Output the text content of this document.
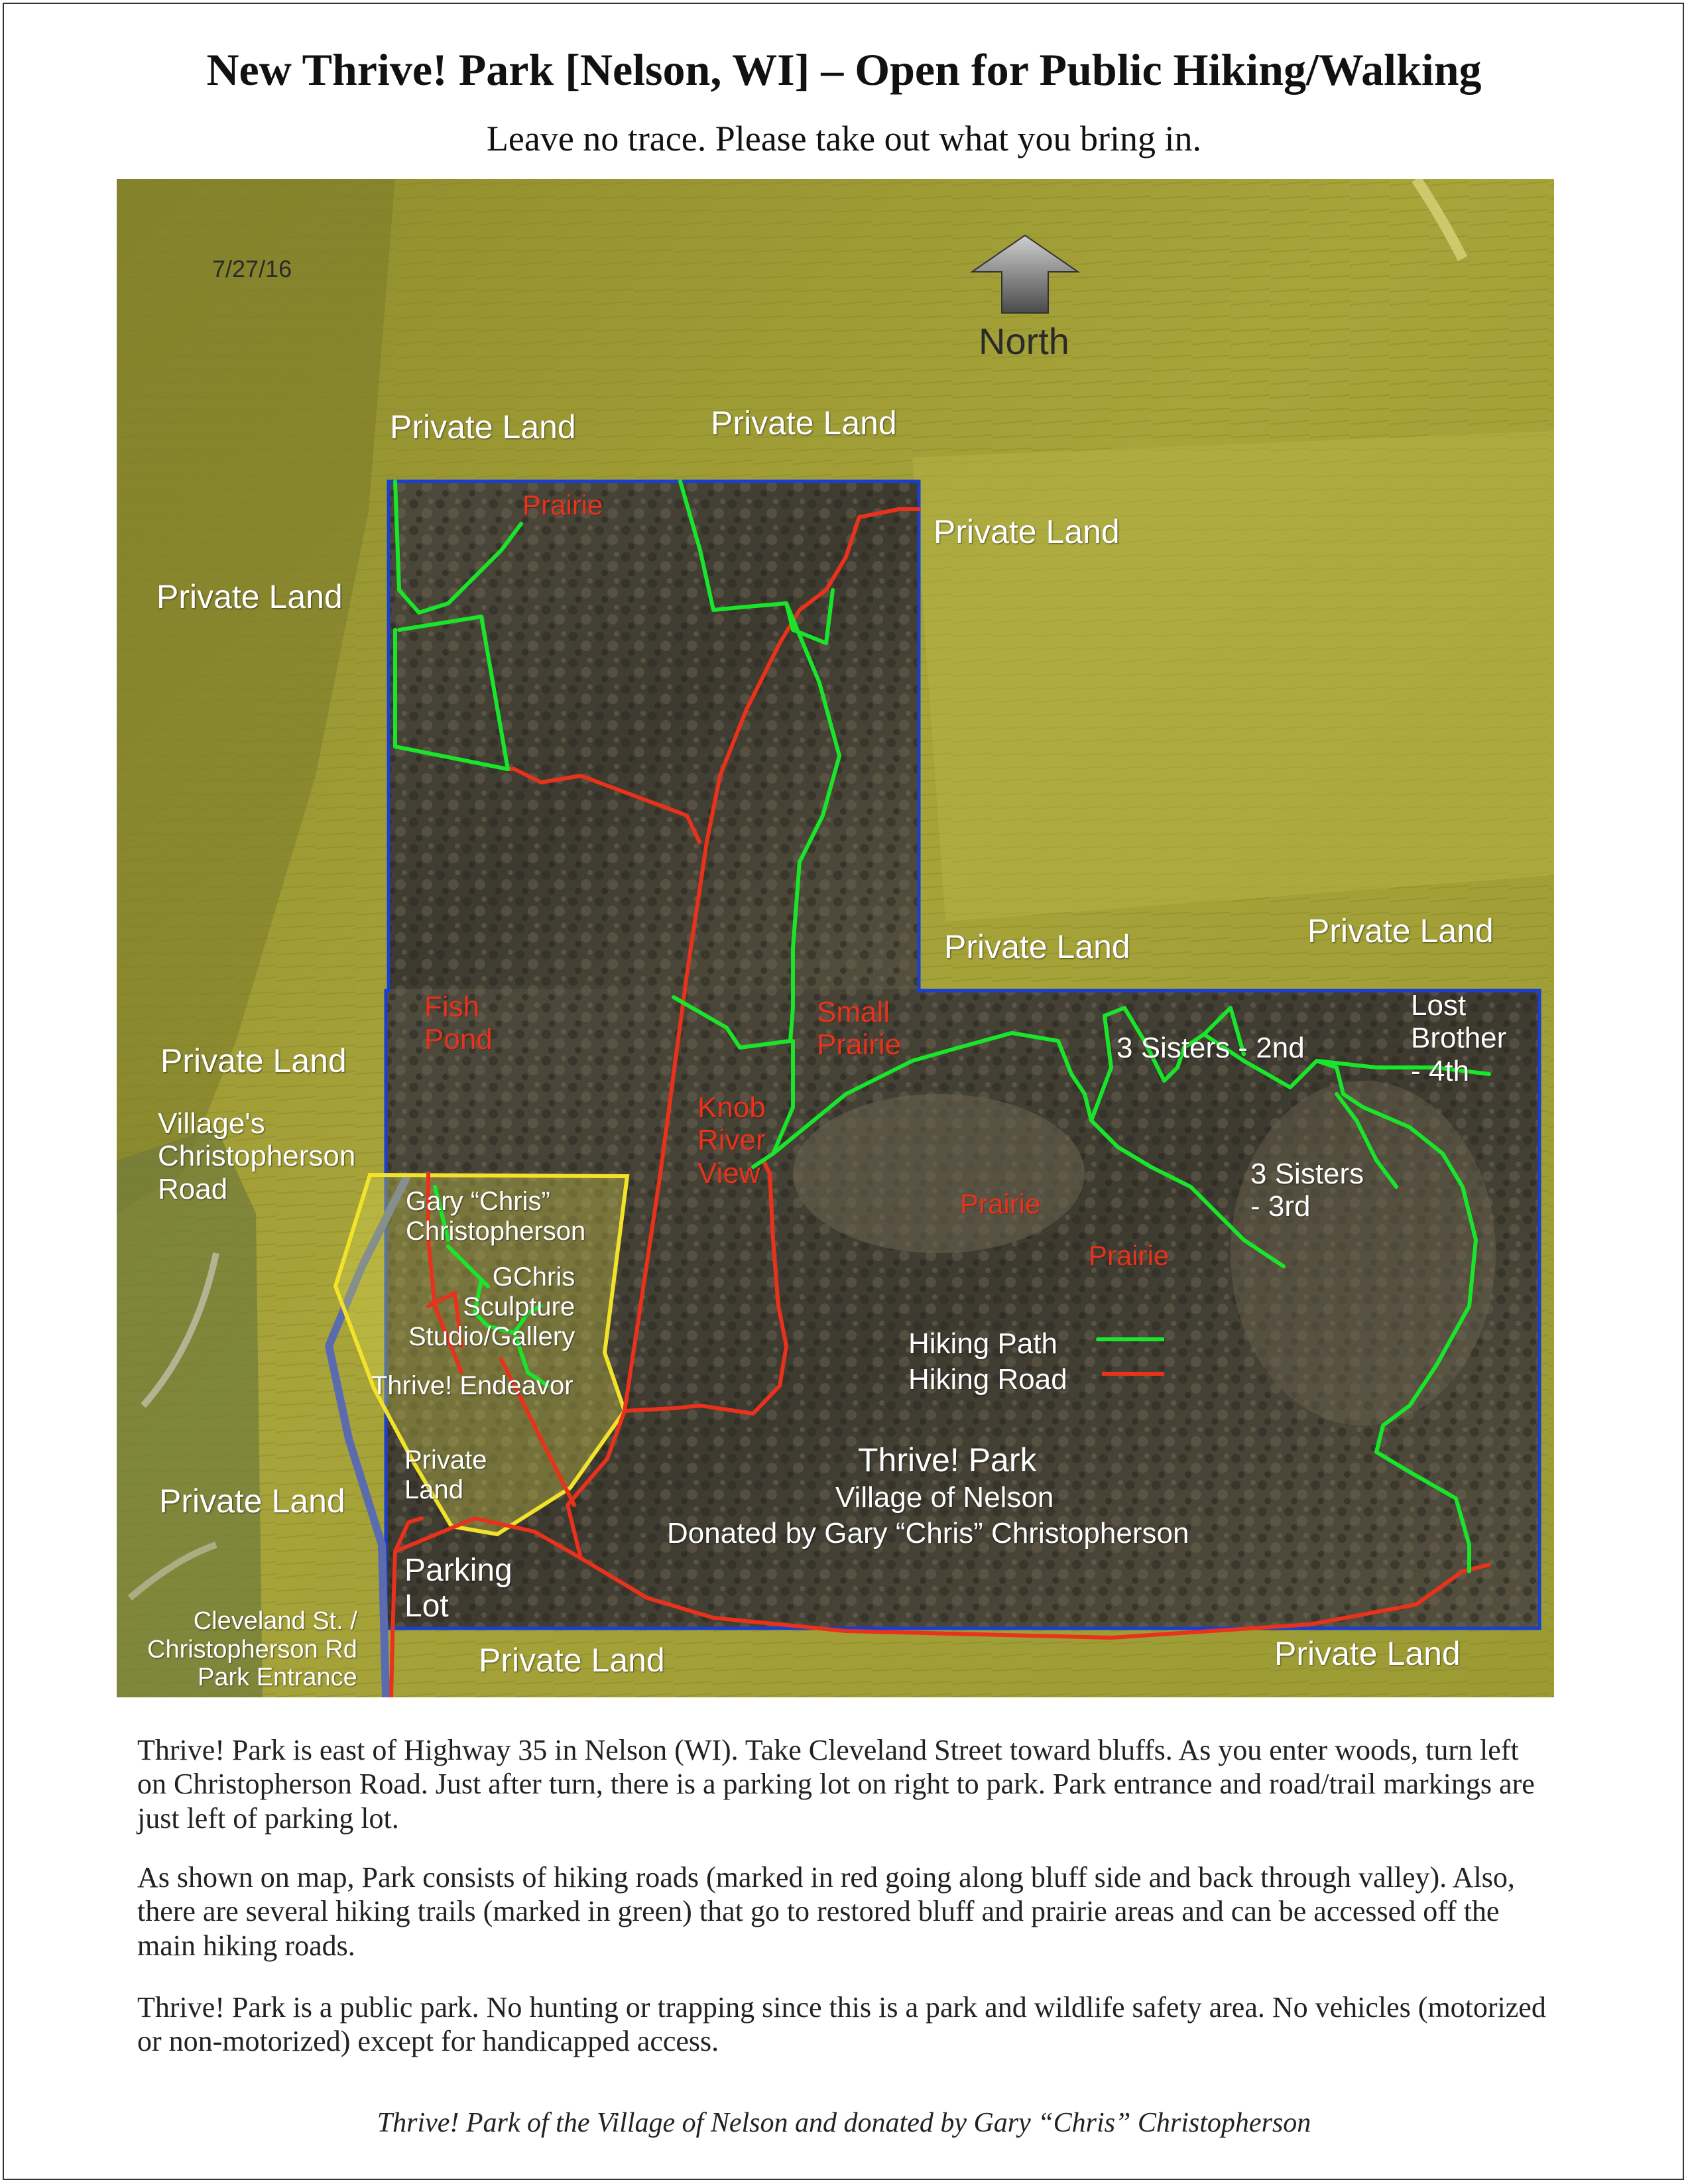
New Thrive! Park [Nelson, WI] – Open for Public Hiking/Walking
Leave no trace. Please take out what you bring in.
7/27/16
North
Private Land	Private Land
Private Land
Private Land
Private Land	Private Land
Private Land
Private Land
Private Land	Private Land
Village's
Christopherson
Road	Gary “Chris”
Christopherson
GChris
Sculpture
Studio/Gallery
Thrive! Endeavor
Private
Land
Parking
Lot
Cleveland St. /
Christopherson Rd
Park Entrance
Prairie
Fish
Pond
Small
Prairie
Knob
River
View
Prairie
Prairie
3 Sisters - 2nd
Lost
Brother
- 4th
3 Sisters
- 3rd
Hiking Path
Hiking Road
Thrive! Park
Village of Nelson
Donated by Gary “Chris” Christopherson
Thrive! Park is east of Highway 35 in Nelson (WI). Take Cleveland Street toward bluffs. As you enter woods, turn left on Christopherson Road. Just after turn, there is a parking lot on right to park. Park entrance and road/trail markings are just left of parking lot.
As shown on map, Park consists of hiking roads (marked in red going along bluff side and back through valley). Also, there are several hiking trails (marked in green) that go to restored bluff and prairie areas and can be accessed off the main hiking roads.
Thrive! Park is a public park. No hunting or trapping since this is a park and wildlife safety area. No vehicles (motorized or non-motorized) except for handicapped access.
Thrive! Park of the Village of Nelson and donated by Gary “Chris” Christopherson
